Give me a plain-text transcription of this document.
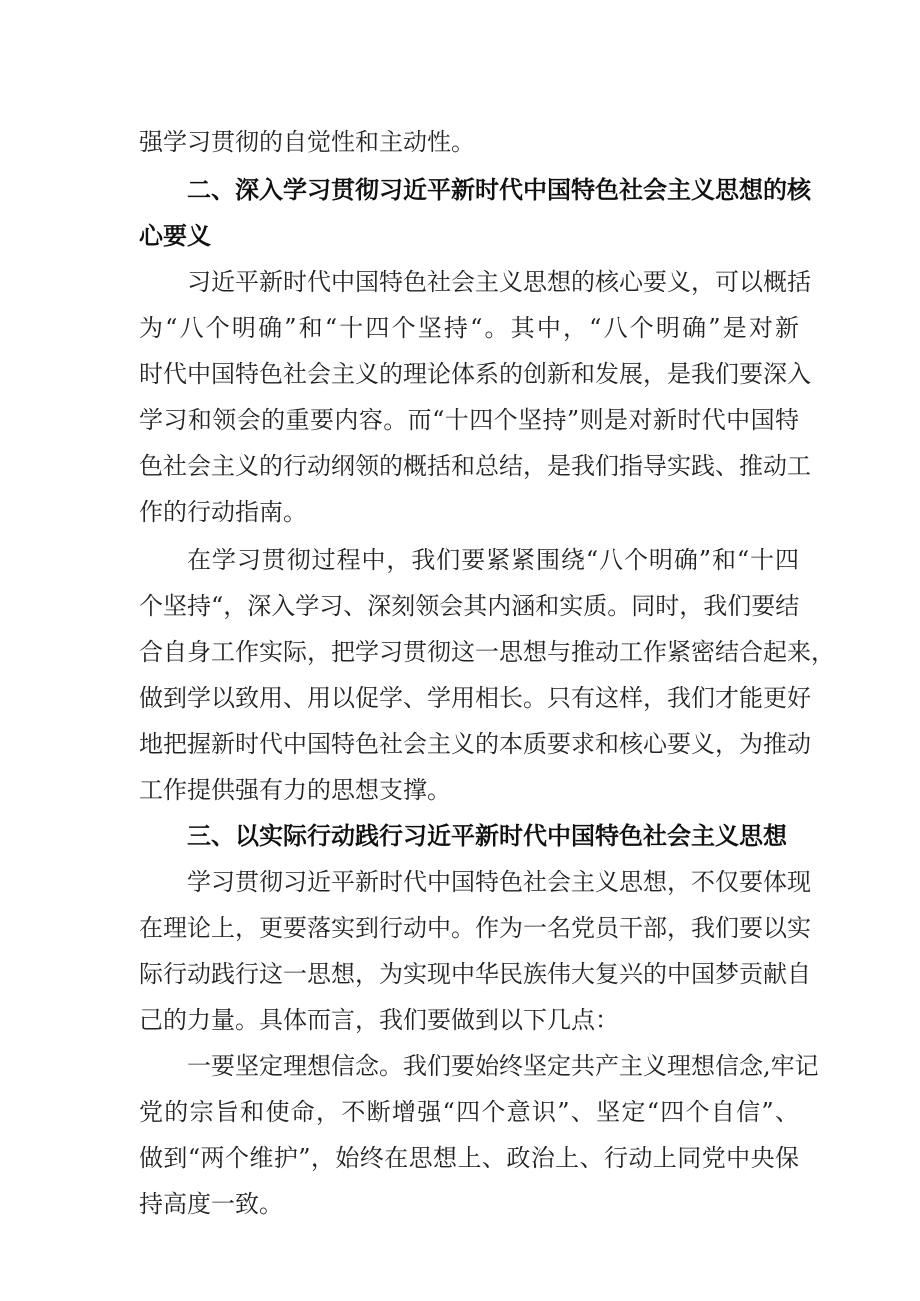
强学习贯彻的自觉性和主动性。
二、深入学习贯彻习近平新时代中国特色社会主义思想的核
心要义
习近平新时代中国特色社会主义思想的核心要义，可以概括
为“八个明确”和“十四个坚持“。其中，“八个明确”是对新
时代中国特色社会主义的理论体系的创新和发展，是我们要深入
学习和领会的重要内容。而“十四个坚持”则是对新时代中国特
色社会主义的行动纲领的概括和总结，是我们指导实践、推动工
作的行动指南。
在学习贯彻过程中，我们要紧紧围绕“八个明确”和“十四
个坚持“，深入学习、深刻领会其内涵和实质。同时，我们要结
合自身工作实际，把学习贯彻这一思想与推动工作紧密结合起来，
做到学以致用、用以促学、学用相长。只有这样，我们才能更好
地把握新时代中国特色社会主义的本质要求和核心要义，为推动
工作提供强有力的思想支撑。
三、以实际行动践行习近平新时代中国特色社会主义思想
学习贯彻习近平新时代中国特色社会主义思想，不仅要体现
在理论上，更要落实到行动中。作为一名党员干部，我们要以实
际行动践行这一思想，为实现中华民族伟大复兴的中国梦贡献自
己的力量。具体而言，我们要做到以下几点：
一要坚定理想信念。我们要始终坚定共产主义理想信念,牢记
党的宗旨和使命，不断增强“四个意识”、坚定“四个自信”、
做到“两个维护”，始终在思想上、政治上、行动上同党中央保
持高度一致。
